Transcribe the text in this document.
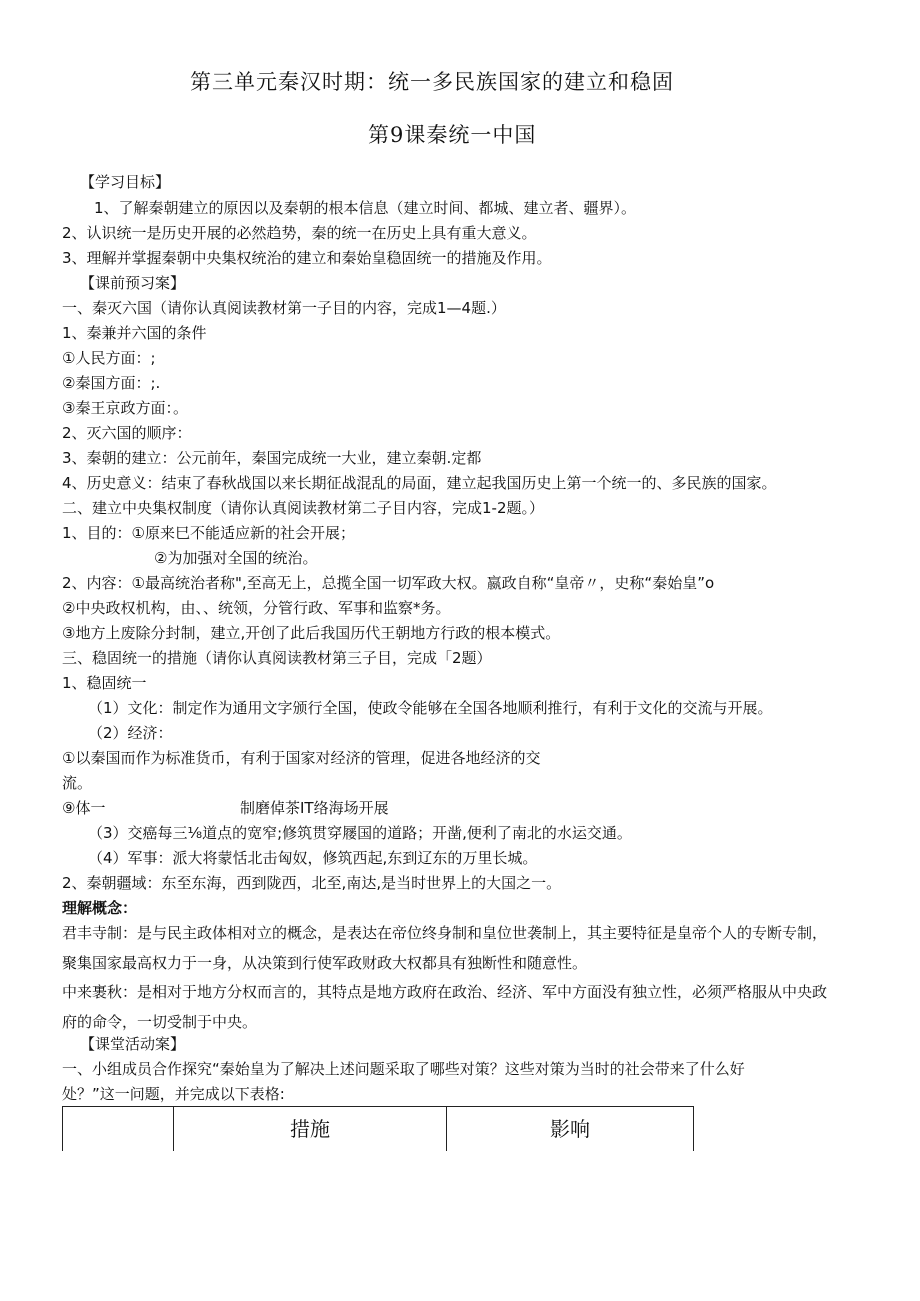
第三单元秦汉时期：统一多民族国家的建立和稳固
第9课秦统一中国
【学习目标】
1、了解秦朝建立的原因以及秦朝的根本信息（建立时间、都城、建立者、疆界）。
2、认识统一是历史开展的必然趋势，秦的统一在历史上具有重大意义。
3、理解并掌握秦朝中央集权统治的建立和秦始皇稳固统一的措施及作用。
【课前预习案】
一、秦灭六国（请你认真阅读教材第一子目的内容，完成1—4题.）
1、秦兼并六国的条件
①人民方面：;
②秦国方面：;.
③秦王京政方面：。
2、灭六国的顺序：
3、秦朝的建立：公元前年，秦国完成统一大业，建立秦朝.定都
4、历史意义：结束了春秋战国以来长期征战混乱的局面，建立起我国历史上第一个统一的、多民族的国家。
二、建立中央集权制度（请你认真阅读教材第二子目内容，完成1-2题。）
1、目的：①原来巳不能适应新的社会开展；
②为加强对全国的统治。
2、内容：①最高统治者称",至高无上，总揽全国一切军政大权。嬴政自称“皇帝〃，史称“秦始皇”o
②中央政权机构，由、、统领，分管行政、军事和监察*务。
③地方上废除分封制，建立,开创了此后我国历代王朝地方行政的根本模式。
三、稳固统一的措施（请你认真阅读教材第三子目，完成「2题）
1、稳固统一
（1）文化：制定作为通用文字颁行全国，使政令能够在全国各地顺利推行，有利于文化的交流与开展。
（2）经济：
①以秦国而作为标准货币，有利于国家对经济的管理，促进各地经济的交
流。
⑨体一	制磨倬茶IT络海场开展
（3）交癌每三⅛道点的宽窄;修筑贯穿屦国的道路；开凿,便利了南北的水运交通。
（4）军事：派大将蒙恬北击匈奴，修筑西起,东到辽东的万里长城。
2、秦朝疆域：东至东海，西到陇西，北至,南达,是当时世界上的大国之一。
理解概念：
君丰寺制：是与民主政体相对立的概念，是表达在帝位终身制和皇位世袭制上，其主要特征是皇帝个人的专断专制，
聚集国家最高权力于一身，从决策到行使军政财政大权都具有独断性和随意性。
中来裹秋：是相对于地方分权而言的，其特点是地方政府在政治、经济、军中方面没有独立性，必须严格服从中央政
府的命令，一切受制于中央。
【课堂活动案】
一、小组成员合作探究“秦始皇为了解决上述问题采取了哪些对策？这些对策为当时的社会带来了什么好
处？”这一问题，并完成以下表格:
	措施	影响
